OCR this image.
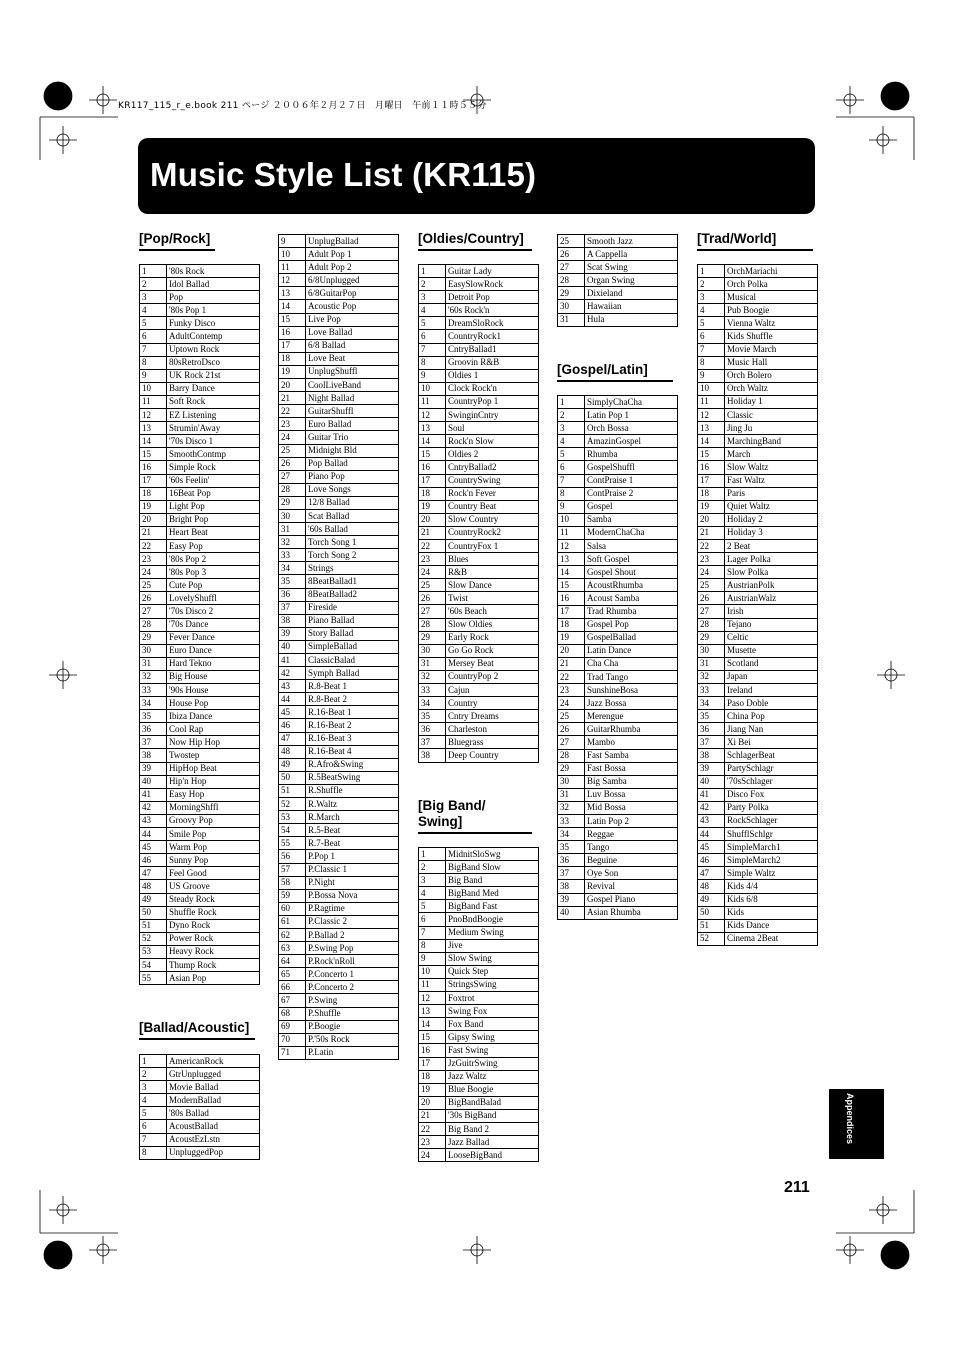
KR117_115_r_e.book 211 ページ ２００６年２月２７日　月曜日　午前１１時５５分
Music Style List (KR115)
[Pop/Rock]
1	'80s Rock
2	Idol Ballad
3	Pop
4	'80s Pop 1
5	Funky Disco
6	AdultContemp
7	Uptown Rock
8	80sRetroDsco
9	UK Rock 21st
10	Barry Dance
11	Soft Rock
12	EZ Listening
13	Strumin'Away
14	'70s Disco 1
15	SmoothContmp
16	Simple Rock
17	'60s Feelin'
18	16Beat Pop
19	Light Pop
20	Bright Pop
21	Heart Beat
22	Easy Pop
23	'80s Pop 2
24	'80s Pop 3
25	Cute Pop
26	LovelyShuffl
27	'70s Disco 2
28	'70s Dance
29	Fever Dance
30	Euro Dance
31	Hard Tekno
32	Big House
33	'90s House
34	House Pop
35	Ibiza Dance
36	Cool Rap
37	Now Hip Hop
38	Twostep
39	HipHop Beat
40	Hip'n Hop
41	Easy Hop
42	MorningShffl
43	Groovy Pop
44	Smile Pop
45	Warm Pop
46	Sunny Pop
47	Feel Good
48	US Groove
49	Steady Rock
50	Shuffle Rock
51	Dyno Rock
52	Power Rock
53	Heavy Rock
54	Thump Rock
55	Asian Pop
[Ballad/Acoustic]
1	AmericanRock
2	GtrUnplugged
3	Movie Ballad
4	ModernBallad
5	'80s Ballad
6	AcoustBallad
7	AcoustEzLstn
8	UnpluggedPop
9	UnplugBallad
10	Adult Pop 1
11	Adult Pop 2
12	6/8Unplugged
13	6/8GuitarPop
14	Acoustic Pop
15	Live Pop
16	Love Ballad
17	6/8 Ballad
18	Love Beat
19	UnplugShuffl
20	CoolLiveBand
21	Night Ballad
22	GuitarShuffl
23	Euro Ballad
24	Guitar Trio
25	Midnight Bld
26	Pop Ballad
27	Piano Pop
28	Love Songs
29	12/8 Ballad
30	Scat Ballad
31	'60s Ballad
32	Torch Song 1
33	Torch Song 2
34	Strings
35	8BeatBallad1
36	8BeatBallad2
37	Fireside
38	Piano Ballad
39	Story Ballad
40	SimpleBallad
41	ClassicBalad
42	Symph Ballad
43	R.8-Beat 1
44	R.8-Beat 2
45	R.16-Beat 1
46	R.16-Beat 2
47	R.16-Beat 3
48	R.16-Beat 4
49	R.Afro&Swing
50	R.5BeatSwing
51	R.Shuffle
52	R.Waltz
53	R.March
54	R.5-Beat
55	R.7-Beat
56	P.Pop 1
57	P.Classic 1
58	P.Night
59	P.Bossa Nova
60	P.Ragtime
61	P.Classic 2
62	P.Ballad 2
63	P.Swing Pop
64	P.Rock'nRoll
65	P.Concerto 1
66	P.Concerto 2
67	P.Swing
68	P.Shuffle
69	P.Boogie
70	P.'50s Rock
71	P.Latin
[Oldies/Country]
1	Guitar Lady
2	EasySlowRock
3	Detroit Pop
4	'60s Rock'n
5	DreamSloRock
6	CountryRock1
7	CntryBallad1
8	Groovin R&B
9	Oldies 1
10	Clock Rock'n
11	CountryPop 1
12	SwinginCntry
13	Soul
14	Rock'n Slow
15	Oldies 2
16	CntryBallad2
17	CountrySwing
18	Rock'n Fever
19	Country Beat
20	Slow Country
21	CountryRock2
22	CountryFox 1
23	Blues
24	R&B
25	Slow Dance
26	Twist
27	'60s Beach
28	Slow Oldies
29	Early Rock
30	Go Go Rock
31	Mersey Beat
32	CountryPop 2
33	Cajun
34	Country
35	Cntry Dreams
36	Charleston
37	Bluegrass
38	Deep Country
[Big Band/ Swing]
1	MidnitSloSwg
2	BigBand Slow
3	Big Band
4	BigBand Med
5	BigBand Fast
6	PnoBndBoogie
7	Medium Swing
8	Jive
9	Slow Swing
10	Quick Step
11	StringsSwing
12	Foxtrot
13	Swing Fox
14	Fox Band
15	Gipsy Swing
16	Fast Swing
17	JzGuitrSwing
18	Jazz Waltz
19	Blue Boogie
20	BigBandBalad
21	'30s BigBand
22	Big Band 2
23	Jazz Ballad
24	LooseBigBand
25	Smooth Jazz
26	A Cappella
27	Scat Swing
28	Organ Swing
29	Dixieland
30	Hawaiian
31	Hula
[Gospel/Latin]
1	SimplyChaCha
2	Latin Pop 1
3	Orch Bossa
4	AmazinGospel
5	Rhumba
6	GospelShuffl
7	ContPraise 1
8	ContPraise 2
9	Gospel
10	Samba
11	ModernChaCha
12	Salsa
13	Soft Gospel
14	Gospel Shout
15	AcoustRhumba
16	Acoust Samba
17	Trad Rhumba
18	Gospel Pop
19	GospelBallad
20	Latin Dance
21	Cha Cha
22	Trad Tango
23	SunshineBosa
24	Jazz Bossa
25	Merengue
26	GuitarRhumba
27	Mambo
28	Fast Samba
29	Fast Bossa
30	Big Samba
31	Luv Bossa
32	Mid Bossa
33	Latin Pop 2
34	Reggae
35	Tango
36	Beguine
37	Oye Son
38	Revival
39	Gospel Piano
40	Asian Rhumba
[Trad/World]
1	OrchMariachi
2	Orch Polka
3	Musical
4	Pub Boogie
5	Vienna Waltz
6	Kids Shuffle
7	Movie March
8	Music Hall
9	Orch Bolero
10	Orch Waltz
11	Holiday 1
12	Classic
13	Jing Ju
14	MarchingBand
15	March
16	Slow Waltz
17	Fast Waltz
18	Paris
19	Quiet Waltz
20	Holiday 2
21	Holiday 3
22	2 Beat
23	Lager Polka
24	Slow Polka
25	AustrianPolk
26	AustrianWalz
27	Irish
28	Tejano
29	Celtic
30	Musette
31	Scotland
32	Japan
33	Ireland
34	Paso Doble
35	China Pop
36	Jiang Nan
37	Xi Bei
38	SchlagerBeat
39	PartySchlagr
40	'70sSchlager
41	Disco Fox
42	Party Polka
43	RockSchlager
44	ShufflSchlgr
45	SimpleMarch1
46	SimpleMarch2
47	Simple Waltz
48	Kids 4/4
49	Kids 6/8
50	Kids
51	Kids Dance
52	Cinema 2Beat
Appendices
211
